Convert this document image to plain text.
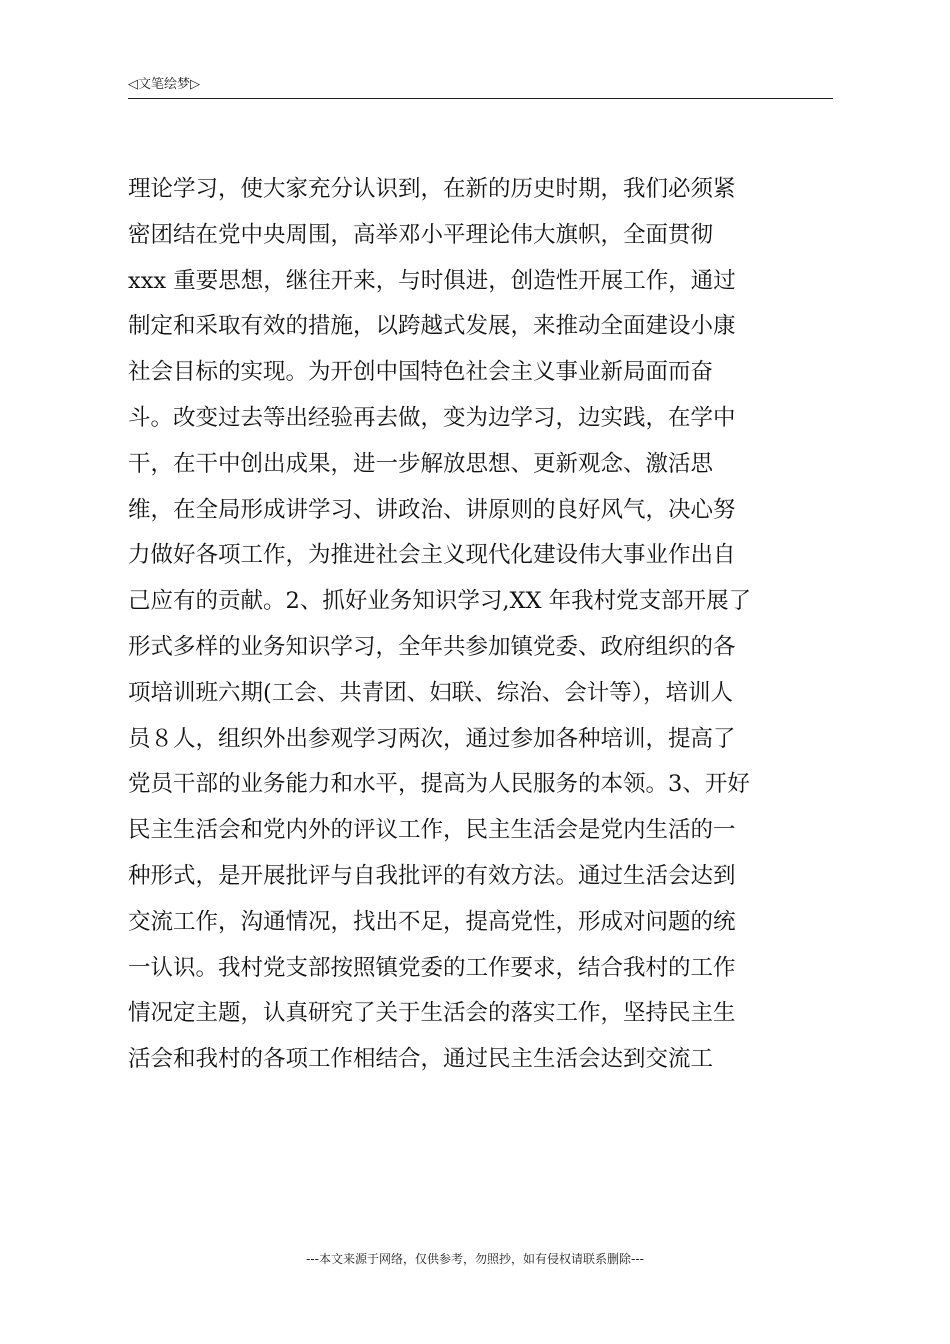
◁文笔绘梦▷
理论学习，使大家充分认识到，在新的历史时期，我们必须紧
密团结在党中央周围，高举邓小平理论伟大旗帜，全面贯彻
xxx 重要思想，继往开来，与时俱进，创造性开展工作，通过
制定和采取有效的措施，以跨越式发展，来推动全面建设小康
社会目标的实现。为开创中国特色社会主义事业新局面而奋
斗。改变过去等出经验再去做，变为边学习，边实践，在学中
干，在干中创出成果，进一步解放思想、更新观念、激活思
维，在全局形成讲学习、讲政治、讲原则的良好风气，决心努
力做好各项工作，为推进社会主义现代化建设伟大事业作出自
己应有的贡献。2、抓好业务知识学习,XX 年我村党支部开展了
形式多样的业务知识学习，全年共参加镇党委、政府组织的各
项培训班六期(工会、共青团、妇联、综治、会计等），培训人
员８人，组织外出参观学习两次，通过参加各种培训，提高了
党员干部的业务能力和水平，提高为人民服务的本领。3、开好
民主生活会和党内外的评议工作，民主生活会是党内生活的一
种形式，是开展批评与自我批评的有效方法。通过生活会达到
交流工作，沟通情况，找出不足，提高党性，形成对问题的统
一认识。我村党支部按照镇党委的工作要求，结合我村的工作
情况定主题，认真研究了关于生活会的落实工作，坚持民主生
活会和我村的各项工作相结合，通过民主生活会达到交流工
---本文来源于网络，仅供参考，勿照抄，如有侵权请联系删除---
